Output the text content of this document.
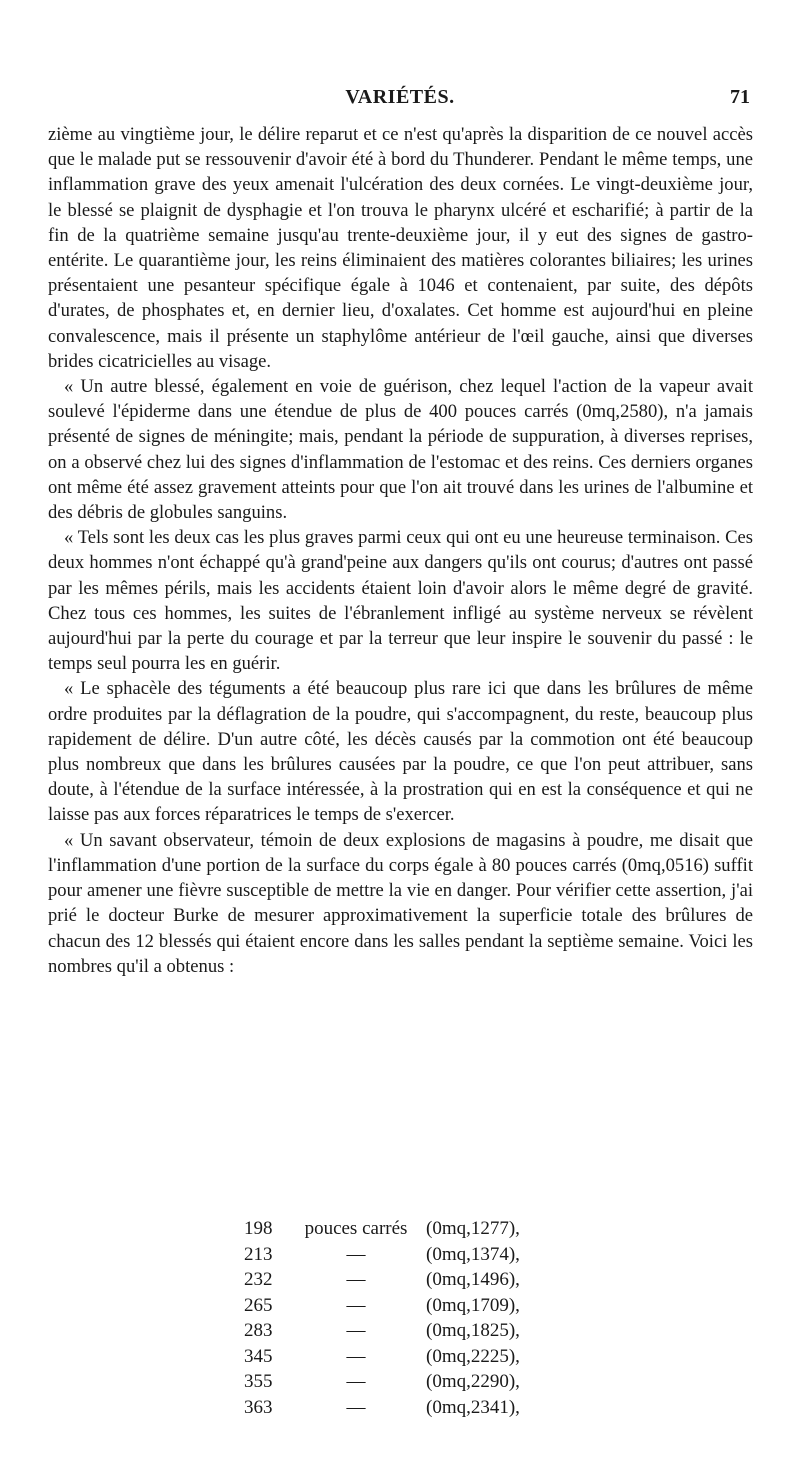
VARIÉTÉS.	71

zième au vingtième jour, le délire reparut et ce n'est qu'après la disparition de ce nouvel accès que le malade put se ressouvenir d'avoir été à bord du Thunderer. Pendant le même temps, une inflammation grave des yeux amenait l'ulcération des deux cornées. Le vingt-deuxième jour, le blessé se plaignit de dysphagie et l'on trouva le pharynx ulcéré et escharifié; à partir de la fin de la quatrième semaine jusqu'au trente-deuxième jour, il y eut des signes de gastro-entérite. Le quarantième jour, les reins éliminaient des matières colorantes biliaires; les urines présentaient une pesanteur spécifique égale à 1046 et contenaient, par suite, des dépôts d'urates, de phosphates et, en dernier lieu, d'oxalates. Cet homme est aujourd'hui en pleine convalescence, mais il présente un staphylôme antérieur de l'œil gauche, ainsi que diverses brides cicatricielles au visage.

« Un autre blessé, également en voie de guérison, chez lequel l'action de la vapeur avait soulevé l'épiderme dans une étendue de plus de 400 pouces carrés (0mq,2580), n'a jamais présenté de signes de méningite; mais, pendant la période de suppuration, à diverses reprises, on a observé chez lui des signes d'inflammation de l'estomac et des reins. Ces derniers organes ont même été assez gravement atteints pour que l'on ait trouvé dans les urines de l'albumine et des débris de globules sanguins.

« Tels sont les deux cas les plus graves parmi ceux qui ont eu une heureuse terminaison. Ces deux hommes n'ont échappé qu'à grand'peine aux dangers qu'ils ont courus; d'autres ont passé par les mêmes périls, mais les accidents étaient loin d'avoir alors le même degré de gravité. Chez tous ces hommes, les suites de l'ébranlement infligé au système nerveux se révèlent aujourd'hui par la perte du courage et par la terreur que leur inspire le souvenir du passé : le temps seul pourra les en guérir.

« Le sphacèle des téguments a été beaucoup plus rare ici que dans les brûlures de même ordre produites par la déflagration de la poudre, qui s'accompagnent, du reste, beaucoup plus rapidement de délire. D'un autre côté, les décès causés par la commotion ont été beaucoup plus nombreux que dans les brûlures causées par la poudre, ce que l'on peut attribuer, sans doute, à l'étendue de la surface intéressée, à la prostration qui en est la conséquence et qui ne laisse pas aux forces réparatrices le temps de s'exercer.

« Un savant observateur, témoin de deux explosions de magasins à poudre, me disait que l'inflammation d'une portion de la surface du corps égale à 80 pouces carrés (0mq,0516) suffit pour amener une fièvre susceptible de mettre la vie en danger. Pour vérifier cette assertion, j'ai prié le docteur Burke de mesurer approximativement la superficie totale des brûlures de chacun des 12 blessés qui étaient encore dans les salles pendant la septième semaine. Voici les nombres qu'il a obtenus :

198	pouces carrés (0mq,1277),
213	—	(0mq,1374),
232	—	(0mq,1496),
265	—	(0mq,1709),
283	—	(0mq,1825),
345	—	(0mq,2225),
355	—	(0mq,2290),
363	—	(0mq,2341),
